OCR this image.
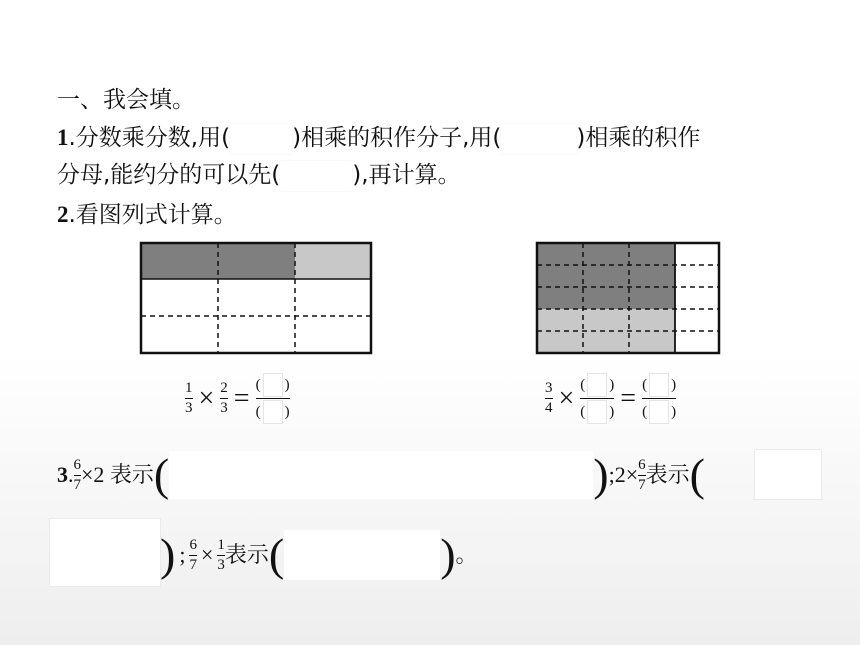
一、我会填。
1.分数乘分数,用(	)相乘的积作分子,用(	)相乘的积作
分母,能约分的可以先(	),再计算。
2.看图列式计算。
$\frac{1}{3} \times \frac{2}{3} = \frac{( )}{( )}$	$\frac{3}{4} \times \frac{( )}{( )} = \frac{( )}{( )}$
3 . $\frac{6}{7} \times 2$ 表示 (	) ;2× $\frac{6}{7}$ 表示 (
) ; $\frac{6}{7} \times \frac{1}{3}$ 表示 (	) 。
